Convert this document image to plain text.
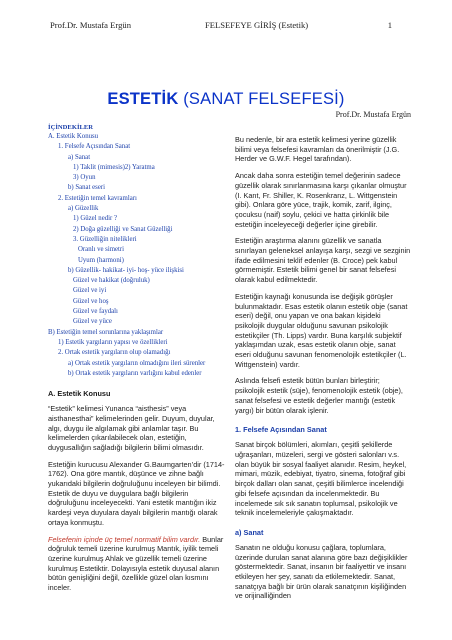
Prof.Dr. Mustafa Ergün	FELSEFEYE GİRİŞ (Estetik)	1
ESTETİK (SANAT FELSEFESİ)
İÇİNDEKİLER
A. Estetik Konusu
1. Felsefe Açısından Sanat
a) Sanat
1) Taklit (mimesis)2) Yaratma
3) Oyun
b) Sanat eseri
2. Estetiğin temel kavramları
a) Güzellik
1) Güzel nedir ?
2) Doğa güzelliği ve Sanat Güzelliği
3. Güzelliğin nitelikleri
Oranlı ve simetri
Uyum (harmoni)
b) Güzellik- hakikat- iyi- hoş- yüce ilişkisi
Güzel ve hakikat (doğruluk)
Güzel ve iyi
Güzel ve hoş
Güzel ve faydalı
Güzel ve yüce
B) Estetiğin temel sorunlarına yaklaşımlar
1) Estetik yargıların yapısı ve özellikleri
2. Ortak estetik yargıların olup olamadığı
a) Ortak estetik yargıların olmadığını ileri sürenler
b) Ortak estetik yargıların varlığını kabul edenler
A. Estetik Konusu

“Estetik” kelimesi Yunanca “aisthesis” veya aisthanesthai” kelimelerinden gelir. Duyum, duyular, algı, duygu ile algılamak gibi anlamlar taşır. Bu kelimelerden çıkarılabilecek olan, estetiğin, duygusallığın sağladığı bilgilerin bilimi olmasıdır.

Estetiğin kurucusu Alexander G.Baumgarten’dir (1714-1762). Ona göre mantık, düşünce ve zihne bağlı yukarıdaki bilgilerin doğruluğunu inceleyen bir bilimdi. Estetik de duyu ve duygulara bağlı bilgilerin doğruluğunu inceleyecekti. Yani estetik mantığın ikiz kardeşi veya duyulara dayalı bilgilerin mantığı olarak ortaya konmuştu.

Felsefenin içinde üç temel normatif bilim vardır. Bunlar doğruluk temeli üzerine kurulmuş Mantık, iyilik temeli üzerine kurulmuş Ahlak ve güzellik temeli üzerine kurulmuş Estetiktir. Dolayısıyla estetik duyusal alanın bütün genişliğini değil, özellikle güzel olan kısmını inceler.

Prof.Dr. Mustafa Ergün

Bu nedenle, bir ara estetik kelimesi yerine güzellik bilimi veya felsefesi kavramları da önerilmiştir (J.G. Herder ve G.W.F. Hegel tarafından).

Ancak daha sonra estetiğin temel değerinin sadece güzellik olarak sınırlanmasına karşı çıkanlar olmuştur (I. Kant, Fr. Shiller, K. Rosenkranz, L. Wittgenstein gibi). Onlara göre yüce, trajik, komik, zarif, ilginç, çocuksu (naif) soylu, çekici ve hatta çirkinlik bile estetiğin inceleyeceği değerler içine girebilir.

Estetiğin araştırma alanını güzellik ve sanatla sınırlayan geleneksel anlayışa karşı, sezgi ve sezginin ifade edilmesini teklif edenler (B. Croce) pek kabul görmemiştir. Estetik bilimi genel bir sanat felsefesi olarak kabul edilmektedir.

Estetiğin kaynağı konusunda ise değişik görüşler bulunmaktadır. Esas estetik olanın estetik obje (sanat eseri) değil, onu yapan ve ona bakan kişideki psikolojik duygular olduğunu savunan psikolojik estetikçiler (Th. Lipps) vardır. Buna karşılık subjektif yaklaşımdan uzak, esas estetik olanın obje, sanat eseri olduğunu savunan fenomenolojik estetikçiler (L. Wittgenstein) vardır.

Aslında felsefi estetik bütün bunları birleştirir; psikolojik estetik (süje), fenomenolojik estetik (obje), sanat felsefesi ve estetik değerler mantığı (estetik yargı) bir bütün olarak işlenir.

1. Felsefe Açısından Sanat

Sanat birçok bölümleri, akımları, çeşitli şekillerde uğraşanları, müzeleri, sergi ve gösteri salonları v.s. olan büyük bir sosyal faaliyet alanıdır. Resim, heykel, mimari, müzik, edebiyat, tiyatro, sinema, fotoğraf gibi birçok dalları olan sanat, çeşitli bilimlerce incelendiği gibi felsefe açısından da incelenmektedir. Bu incelemede sık sık sanatın toplumsal, psikolojik ve teknik incelemeleriyle çakışmaktadır.

a) Sanat

Sanatın ne olduğu konusu çağlara, toplumlara, üzerinde durulan sanat alanına göre bazı değişiklikler göstermektedir. Sanat, insanın bir faaliyettir ve insanı etkileyen her şey, sanatı da etkilemektedir. Sanat, sanatçıya bağlı bir ürün olarak sanatçının kişiliğinden ve orijinalliğinden
